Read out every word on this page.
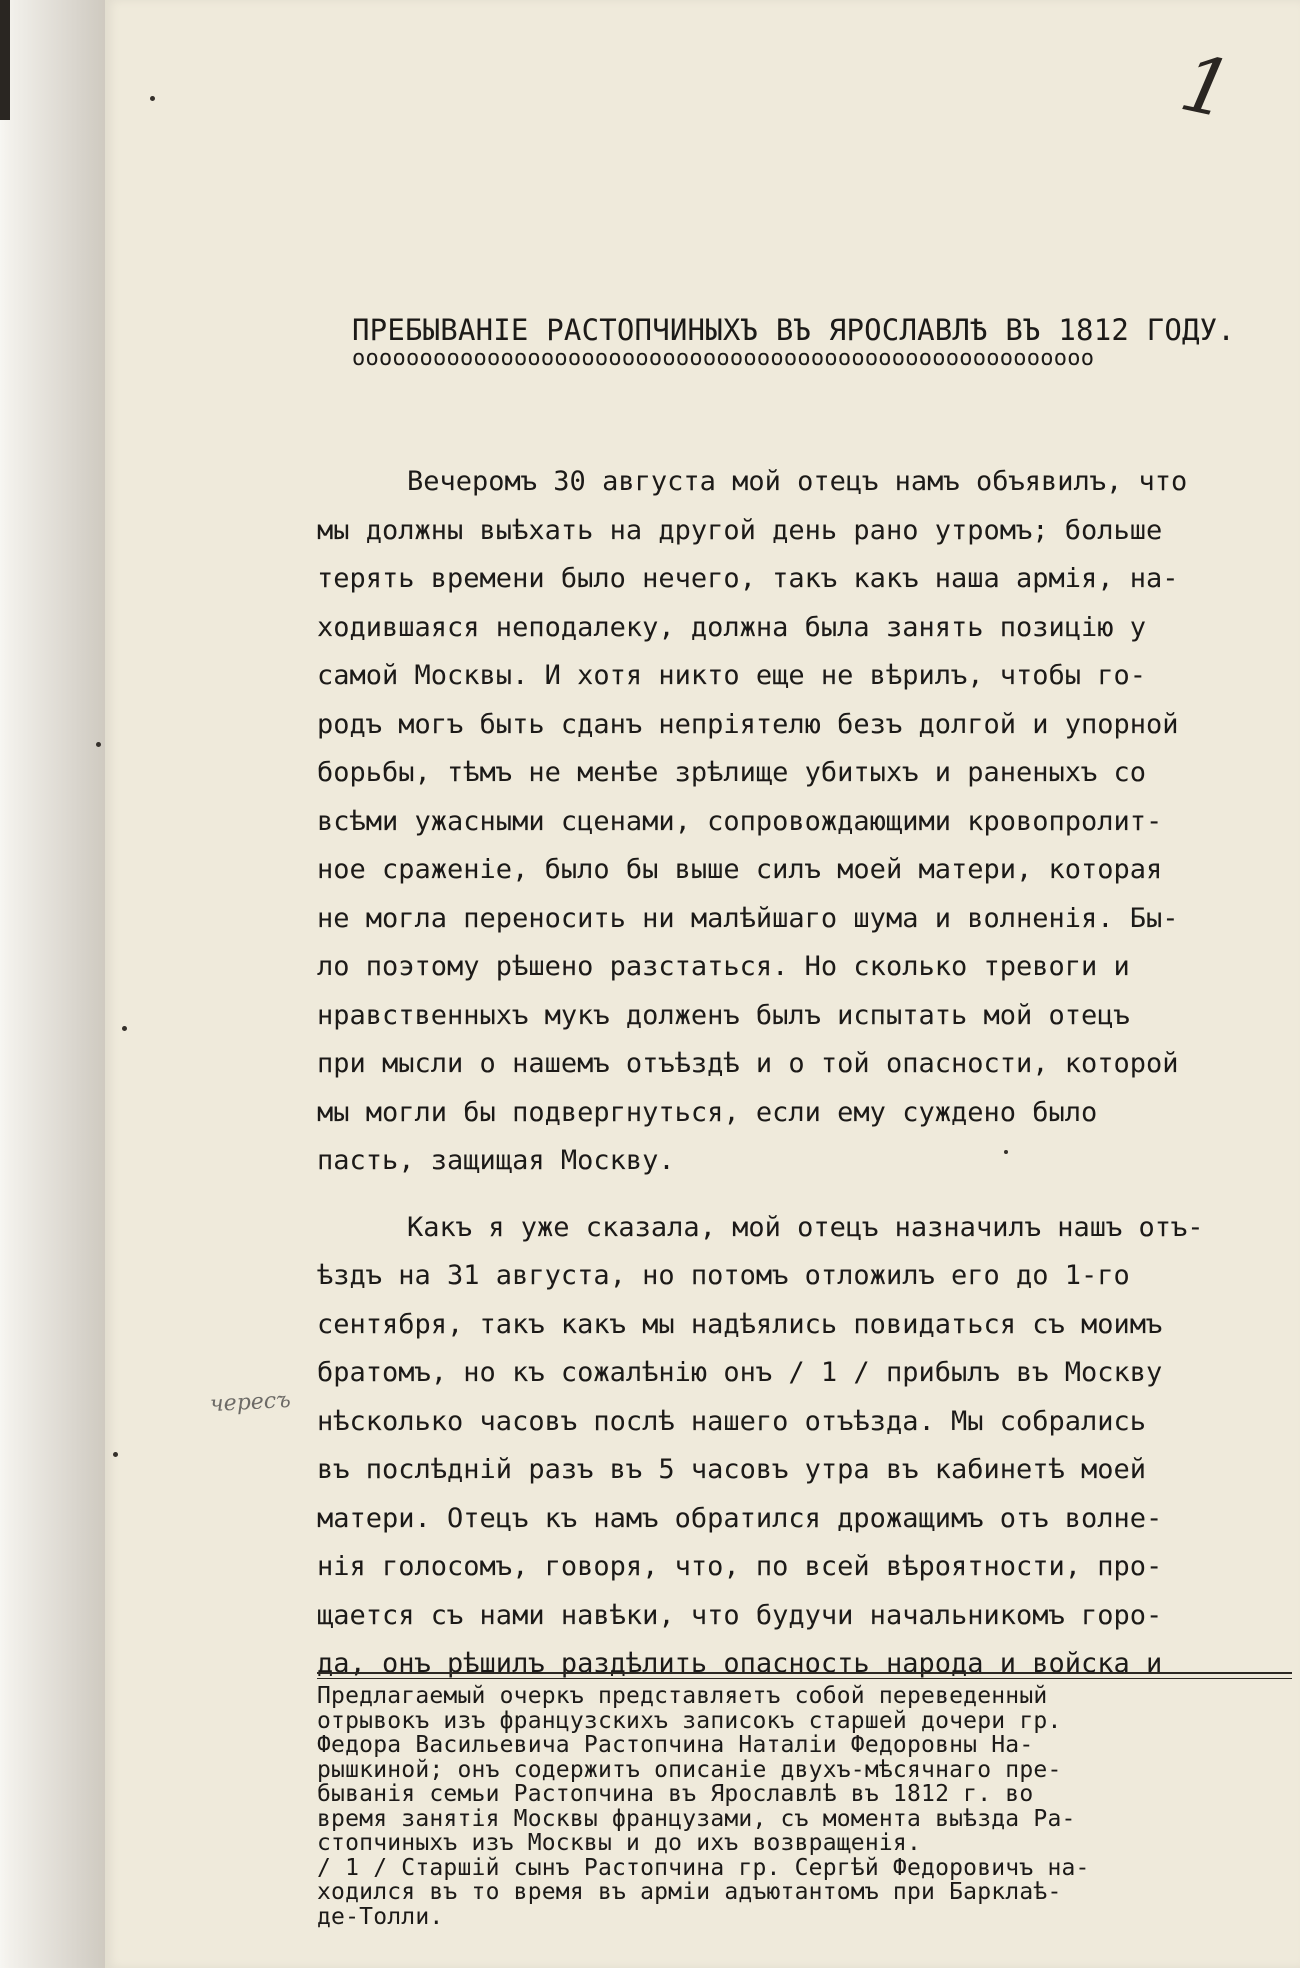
1
ПРЕБЫВАНІЕ РАСТОПЧИНЫХЪ ВЪ ЯРОСЛАВЛѢ ВЪ 1812 ГОДУ.
ооооооооооооооооооооооооооооооооооооооооооооооооооооооо
чересъ
Вечеромъ 30 августа мой отецъ намъ объявилъ, что
мы должны выѣхать на другой день рано утромъ; больше
терять времени было нечего, такъ какъ наша армія, на-
ходившаяся неподалеку, должна была занять позицію у
самой Москвы. И хотя никто еще не вѣрилъ, чтобы го-
родъ могъ быть сданъ непріятелю безъ долгой и упорной
борьбы, тѣмъ не менѣе зрѣлище убитыхъ и раненыхъ со
всѣми ужасными сценами, сопровождающими кровопролит-
ное сраженіе, было бы выше силъ моей матери, которая
не могла переносить ни малѣйшаго шума и волненія. Бы-
ло поэтому рѣшено разстаться. Но сколько тревоги и
нравственныхъ мукъ долженъ былъ испытать мой отецъ
при мысли о нашемъ отъѣздѣ и о той опасности, которой
мы могли бы подвергнуться, если ему суждено было
пасть, защищая Москву.
Какъ я уже сказала, мой отецъ назначилъ нашъ отъ-
ѣздъ на 31 августа, но потомъ отложилъ его до 1-го
сентября, такъ какъ мы надѣялись повидаться съ моимъ
братомъ, но къ сожалѣнію онъ / 1 / прибылъ въ Москву
нѣсколько часовъ послѣ нашего отъѣзда. Мы собрались
въ послѣдній разъ въ 5 часовъ утра въ кабинетѣ моей
матери. Отецъ къ намъ обратился дрожащимъ отъ волне-
нія голосомъ, говоря, что, по всей вѣроятности, про-
щается съ нами навѣки, что будучи начальникомъ горо-
да, онъ рѣшилъ раздѣлить опасность народа и войска и
Предлагаемый очеркъ представляетъ собой переведенный
отрывокъ изъ французскихъ записокъ старшей дочери гр.
Федора Васильевича Растопчина Наталіи Федоровны На-
рышкиной; онъ содержитъ описаніе двухъ-мѣсячнаго пре-
быванія семьи Растопчина въ Ярославлѣ въ 1812 г. во
время занятія Москвы французами, съ момента выѣзда Ра-
стопчиныхъ изъ Москвы и до ихъ возвращенія.
/ 1 / Старшій сынъ Растопчина гр. Сергѣй Федоровичъ на-
ходился въ то время въ арміи адъютантомъ при Барклаѣ-
де-Толли.
